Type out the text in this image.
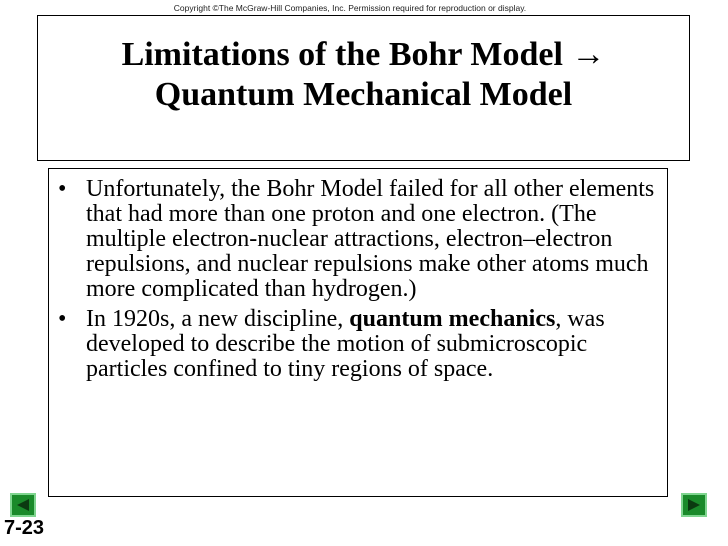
Copyright ©The McGraw-Hill Companies, Inc. Permission required for reproduction or display.
Limitations of the Bohr Model →
Quantum Mechanical Model
• Unfortunately, the Bohr Model failed for all other elements that had more than one proton and one electron. (The multiple electron-nuclear attractions, electron–electron repulsions, and nuclear repulsions make other atoms much more complicated than hydrogen.)
• In 1920s, a new discipline, quantum mechanics, was developed to describe the motion of submicroscopic particles confined to tiny regions of space.
7-23
